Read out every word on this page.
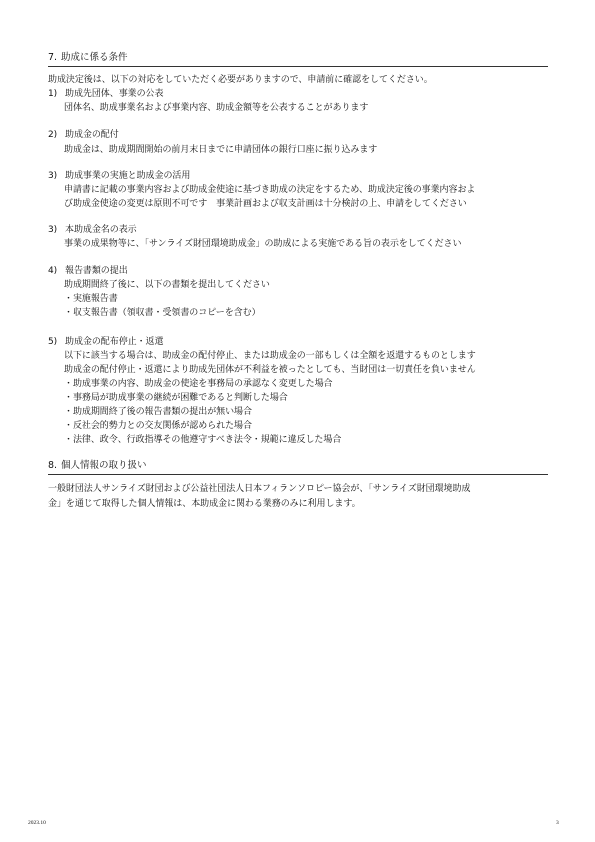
7. 助成に係る条件
助成決定後は、以下の対応をしていただく必要がありますので、申請前に確認をしてください。
1) 助成先団体、事業の公表
団体名、助成事業名および事業内容、助成金額等を公表することがあります
2) 助成金の配付
助成金は、助成期間開始の前月末日までに申請団体の銀行口座に振り込みます
3) 助成事業の実施と助成金の活用
申請書に記載の事業内容および助成金使途に基づき助成の決定をするため、助成決定後の事業内容およ
び助成金使途の変更は原則不可です　事業計画および収支計画は十分検討の上、申請をしてください
3) 本助成金名の表示
事業の成果物等に、「サンライズ財団環境助成金」の助成による実施である旨の表示をしてください
4) 報告書類の提出
助成期間終了後に、以下の書類を提出してください
・実施報告書
・収支報告書（領収書・受領書のコピーを含む）
5) 助成金の配布停止・返還
以下に該当する場合は、助成金の配付停止、または助成金の一部もしくは全額を返還するものとします
助成金の配付停止・返還により助成先団体が不利益を被ったとしても、当財団は一切責任を負いません
・助成事業の内容、助成金の使途を事務局の承認なく変更した場合
・事務局が助成事業の継続が困難であると判断した場合
・助成期間終了後の報告書類の提出が無い場合
・反社会的勢力との交友関係が認められた場合
・法律、政令、行政指導その他遵守すべき法令・規範に違反した場合
8. 個人情報の取り扱い
一般財団法人サンライズ財団および公益社団法人日本フィランソロピー協会が、「サンライズ財団環境助成
金」を通じて取得した個人情報は、本助成金に関わる業務のみに利用します。
2023.10	3
